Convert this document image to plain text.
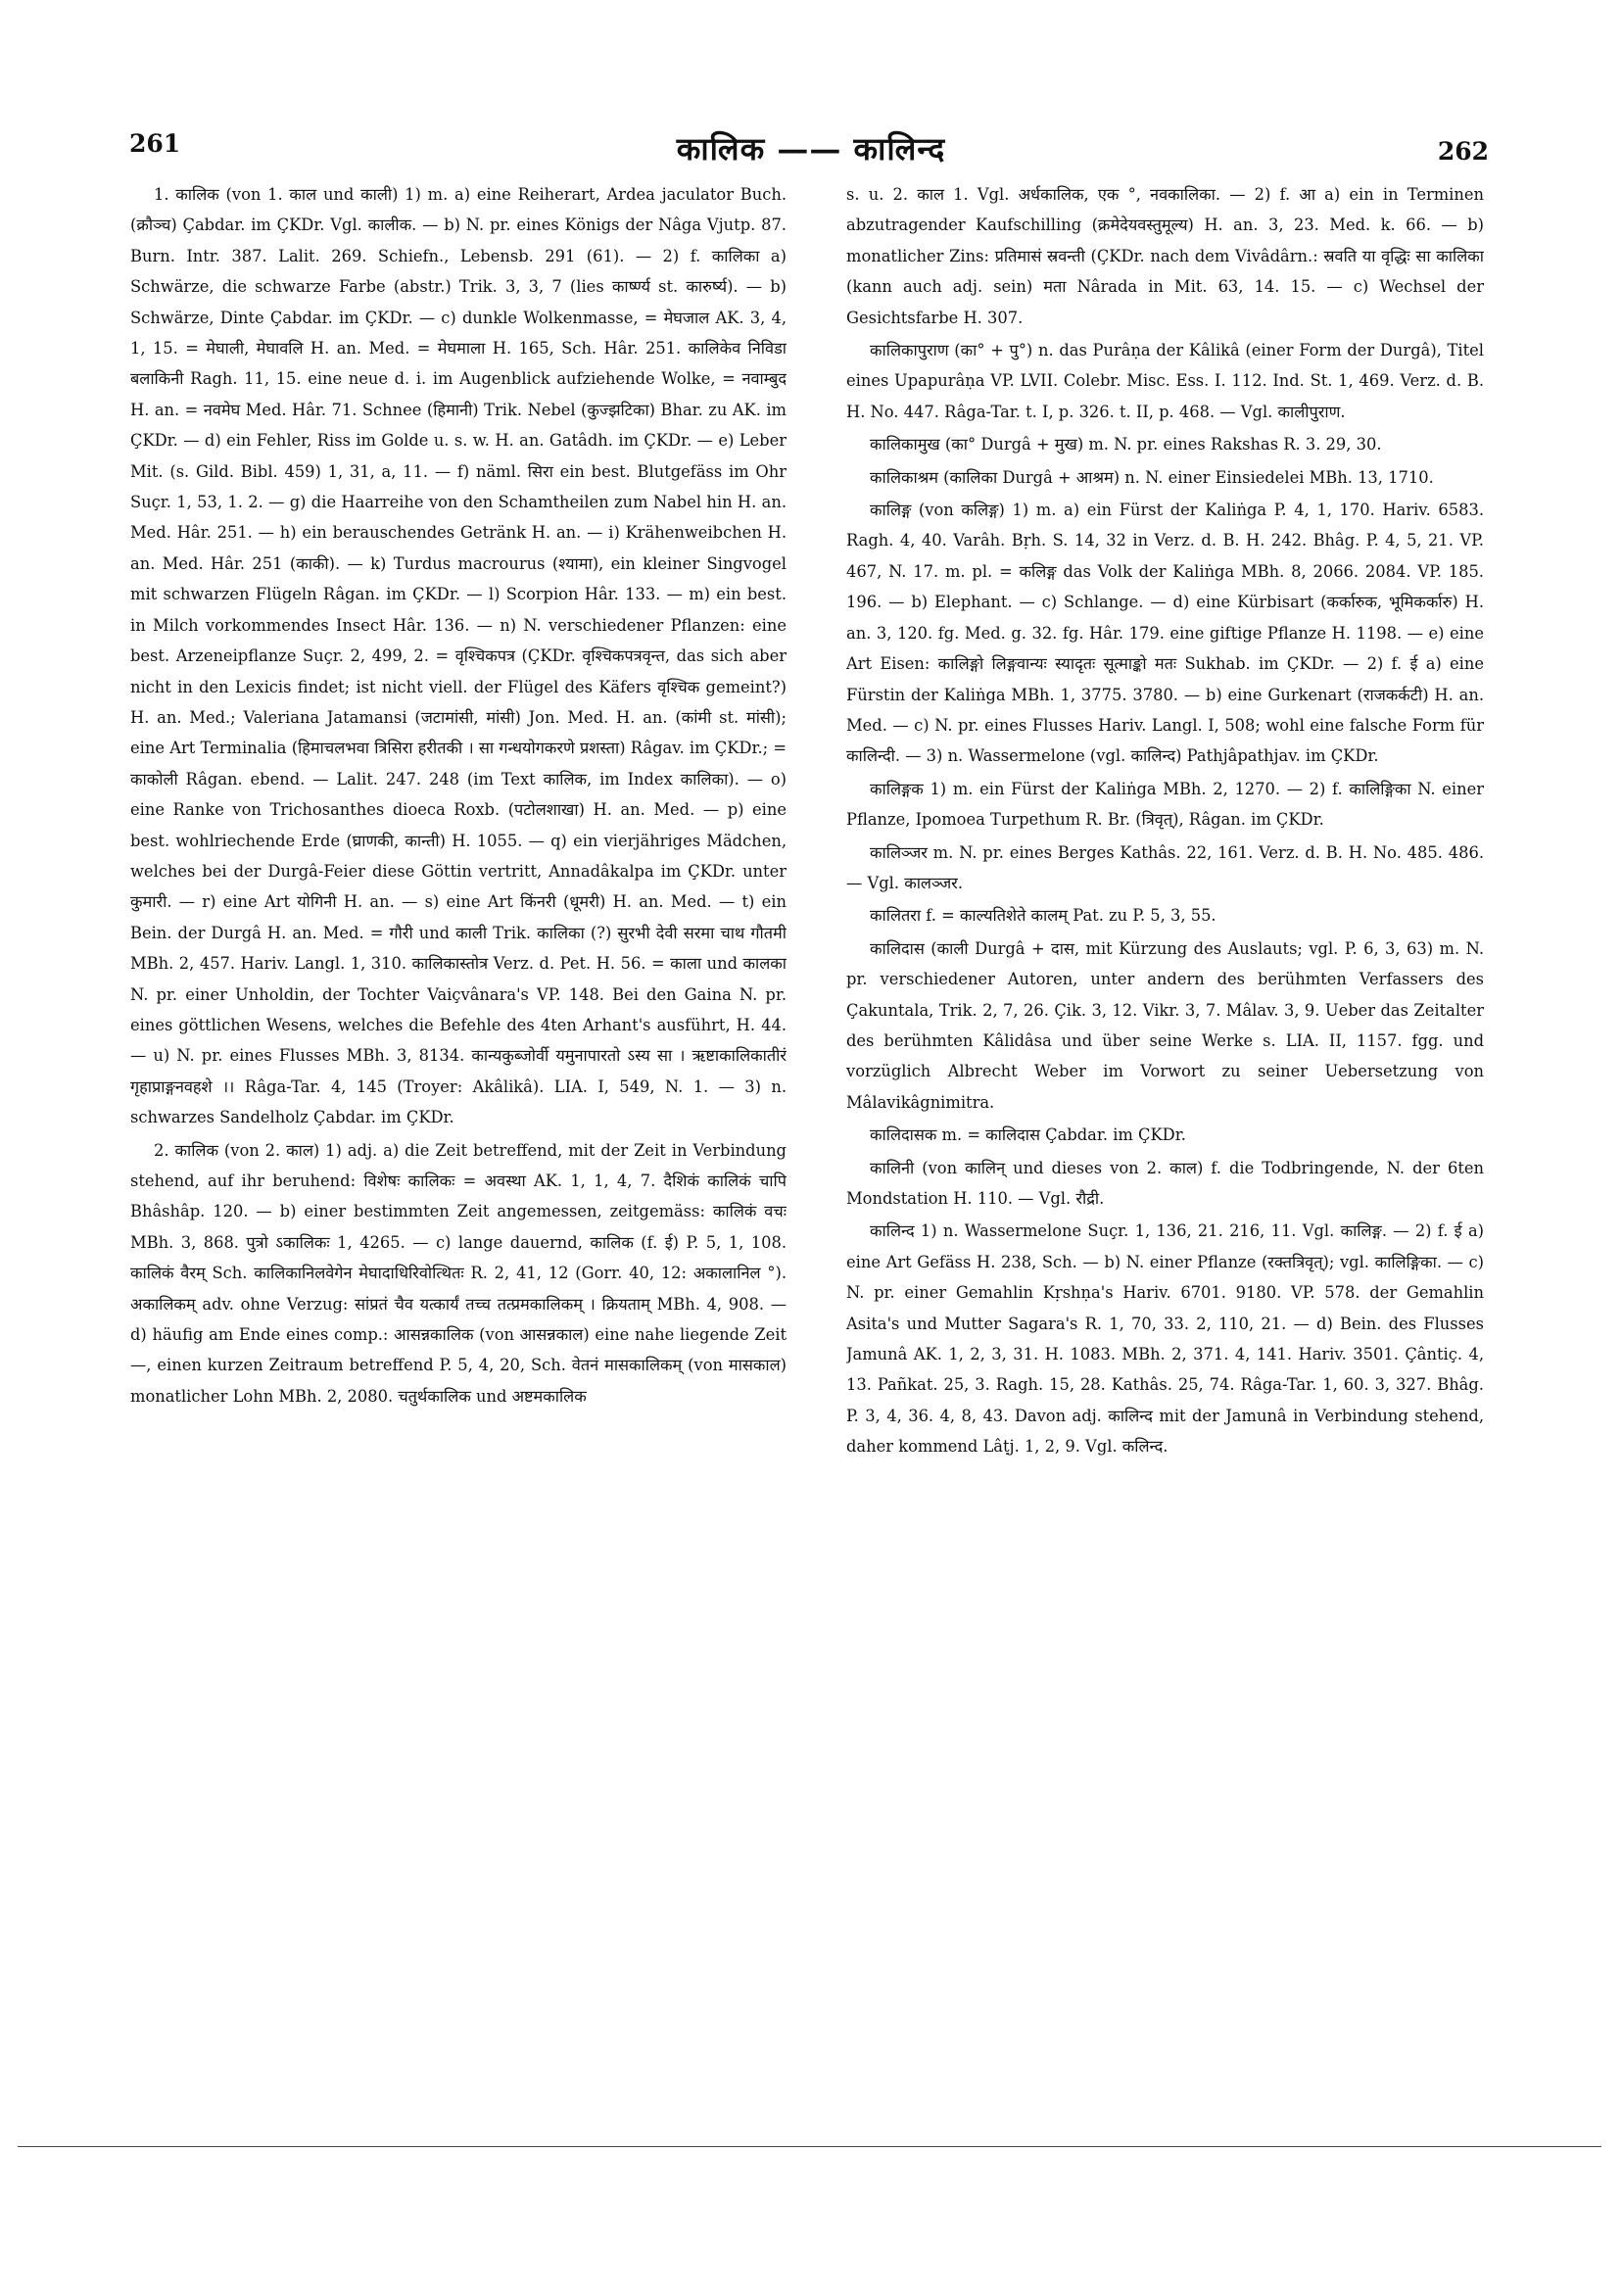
261	कालिक —— कालिन्द	262

1. कालिक (von 1. काल und काली) 1) m. a) eine Reiherart, Ardea jaculator Buch. (क्रौञ्च) Çabdar. im ÇKDr. Vgl. कालीक. — b) N. pr. eines Königs der Nâga Vjutp. 87. Burn. Intr. 387. Lalit. 269. Schiefn., Lebensb. 291 (61). — 2) f. कालिका a) Schwärze, die schwarze Farbe (abstr.) Trik. 3, 3, 7 (lies कार्ष्ण्य st. कारुर्ष्य). — b) Schwärze, Dinte Çabdar. im ÇKDr. — c) dunkle Wolkenmasse, = मेघजाल AK. 3, 4, 1, 15. = मेघाली, मेघावलि H. an. Med. = मेघमाला H. 165, Sch. Hâr. 251. कालिकेव निविडा बलाकिनी Ragh. 11, 15. eine neue d. i. im Augenblick aufziehende Wolke, = नवाम्बुद H. an. = नवमेघ Med. Hâr. 71. Schnee (हिमानी) Trik. Nebel (कुज्झटिका) Bhar. zu AK. im ÇKDr. — d) ein Fehler, Riss im Golde u. s. w. H. an. Gatâdh. im ÇKDr. — e) Leber Mit. (s. Gild. Bibl. 459) 1, 31, a, 11. — f) näml. सिरा ein best. Blutgefäss im Ohr Suçr. 1, 53, 1. 2. — g) die Haarreihe von den Schamtheilen zum Nabel hin H. an. Med. Hâr. 251. — h) ein berauschendes Getränk H. an. — i) Krähenweibchen H. an. Med. Hâr. 251 (काकी). — k) Turdus macrourus (श्यामा), ein kleiner Singvogel mit schwarzen Flügeln Râgan. im ÇKDr. — l) Scorpion Hâr. 133. — m) ein best. in Milch vorkommendes Insect Hâr. 136. — n) N. verschiedener Pflanzen: eine best. Arzeneipflanze Suçr. 2, 499, 2. = वृश्चिकपत्र (ÇKDr. वृश्चिकपत्रवृन्त, das sich aber nicht in den Lexicis findet; ist nicht viell. der Flügel des Käfers वृश्चिक gemeint?) H. an. Med.; Valeriana Jatamansi (जटामांसी, मांसी) Jon. Med. H. an. (कांमी st. मांसी); eine Art Terminalia (हिमाचलभवा त्रिसिरा हरीतकी । सा गन्धयोगकरणे प्रशस्ता) Râgav. im ÇKDr.; = काकोली Râgan. ebend. — Lalit. 247. 248 (im Text कालिक, im Index कालिका). — o) eine Ranke von Trichosanthes dioeca Roxb. (पटोलशाखा) H. an. Med. — p) eine best. wohlriechende Erde (घ्राणकी, कान्ती) H. 1055. — q) ein vierjähriges Mädchen, welches bei der Durgâ-Feier diese Göttin vertritt, Annadâkalpa im ÇKDr. unter कुमारी. — r) eine Art योगिनी H. an. — s) eine Art किंनरी (धूमरी) H. an. Med. — t) ein Bein. der Durgâ H. an. Med. = गौरी und काली Trik. कालिका (?) सुरभी देवी सरमा चाथ गौतमी MBh. 2, 457. Hariv. Langl. 1, 310. कालिकास्तोत्र Verz. d. Pet. H. 56. = काला und कालका N. pr. einer Unholdin, der Tochter Vaiçvânara's VP. 148. Bei den Gaina N. pr. eines göttlichen Wesens, welches die Befehle des 4ten Arhant's ausführt, H. 44. — u) N. pr. eines Flusses MBh. 3, 8134. कान्यकुब्जोर्वी यमुनापारतो ऽस्य सा । ऋष्टाकालिकातीरं गृहाप्राङ्गनवहशे ।। Râga-Tar. 4, 145 (Troyer: Akâlikâ). LIA. I, 549, N. 1. — 3) n. schwarzes Sandelholz Çabdar. im ÇKDr.

2. कालिक (von 2. काल) 1) adj. a) die Zeit betreffend, mit der Zeit in Verbindung stehend, auf ihr beruhend: विशेषः कालिकः = अवस्था AK. 1, 1, 4, 7. दैशिकं कालिकं चापि Bhâshâp. 120. — b) einer bestimmten Zeit angemessen, zeitgemäss: कालिकं वचः MBh. 3, 868. पुत्रो ऽकालिकः 1, 4265. — c) lange dauernd, कालिक (f. ई) P. 5, 1, 108. कालिकं वैरम् Sch. कालिकानिलवेगेन मेघादाधिरिवोत्थितः R. 2, 41, 12 (Gorr. 40, 12: अकालानिल °). अकालिकम् adv. ohne Verzug: सांप्रतं चैव यत्कार्यं तच्च तत्प्रमकालिकम् । क्रियताम् MBh. 4, 908. — d) häufig am Ende eines comp.: आसन्नकालिक (von आसन्नकाल) eine nahe liegende Zeit —, einen kurzen Zeitraum betreffend P. 5, 4, 20, Sch. वेतनं मासकालिकम् (von मासकाल) monatlicher Lohn MBh. 2, 2080. चतुर्थकालिक und अष्टमकालिक

s. u. 2. काल 1. Vgl. अर्धकालिक, एक °, नवकालिका. — 2) f. आ a) ein in Terminen abzutragender Kaufschilling (क्रमेदेयवस्तुमूल्य) H. an. 3, 23. Med. k. 66. — b) monatlicher Zins: प्रतिमासं स्रवन्ती (ÇKDr. nach dem Vivâdârn.: स्रवति या वृद्धिः सा कालिका (kann auch adj. sein) मता Nârada in Mit. 63, 14. 15. — c) Wechsel der Gesichtsfarbe H. 307.

कालिकापुराण (का° + पु°) n. das Purâṇa der Kâlikâ (einer Form der Durgâ), Titel eines Upapurâṇa VP. LVII. Colebr. Misc. Ess. I. 112. Ind. St. 1, 469. Verz. d. B. H. No. 447. Râga-Tar. t. I, p. 326. t. II, p. 468. — Vgl. कालीपुराण.

कालिकामुख (का° Durgâ + मुख) m. N. pr. eines Rakshas R. 3. 29, 30.

कालिकाश्रम (कालिका Durgâ + आश्रम) n. N. einer Einsiedelei MBh. 13, 1710.

कालिङ्ग (von कलिङ्ग) 1) m. a) ein Fürst der Kaliṅga P. 4, 1, 170. Hariv. 6583. Ragh. 4, 40. Varâh. Bṛh. S. 14, 32 in Verz. d. B. H. 242. Bhâg. P. 4, 5, 21. VP. 467, N. 17. m. pl. = कलिङ्ग das Volk der Kaliṅga MBh. 8, 2066. 2084. VP. 185. 196. — b) Elephant. — c) Schlange. — d) eine Kürbisart (कर्कारुक, भूमिकर्कारु) H. an. 3, 120. fg. Med. g. 32. fg. Hâr. 179. eine giftige Pflanze H. 1198. — e) eine Art Eisen: कालिङ्गो लिङ्गवान्यः स्यादृतः सूत्माङ्को मतः Sukhab. im ÇKDr. — 2) f. ई a) eine Fürstin der Kaliṅga MBh. 1, 3775. 3780. — b) eine Gurkenart (राजकर्कटी) H. an. Med. — c) N. pr. eines Flusses Hariv. Langl. I, 508; wohl eine falsche Form für कालिन्दी. — 3) n. Wassermelone (vgl. कालिन्द) Pathjâpathjav. im ÇKDr.

कालिङ्गक 1) m. ein Fürst der Kaliṅga MBh. 2, 1270. — 2) f. कालिङ्गिका N. einer Pflanze, Ipomoea Turpethum R. Br. (त्रिवृत्), Râgan. im ÇKDr.

कालिञ्जर m. N. pr. eines Berges Kathâs. 22, 161. Verz. d. B. H. No. 485. 486. — Vgl. कालञ्जर.

कालितरा f. = काल्यतिशेते कालम् Pat. zu P. 5, 3, 55.

कालिदास (काली Durgâ + दास, mit Kürzung des Auslauts; vgl. P. 6, 3, 63) m. N. pr. verschiedener Autoren, unter andern des berühmten Verfassers des Çakuntala, Trik. 2, 7, 26. Çik. 3, 12. Vikr. 3, 7. Mâlav. 3, 9. Ueber das Zeitalter des berühmten Kâlidâsa und über seine Werke s. LIA. II, 1157. fgg. und vorzüglich Albrecht Weber im Vorwort zu seiner Uebersetzung von Mâlavikâgnimitra.

कालिदासक m. = कालिदास Çabdar. im ÇKDr.

कालिनी (von कालिन् und dieses von 2. काल) f. die Todbringende, N. der 6ten Mondstation H. 110. — Vgl. रौद्री.

कालिन्द 1) n. Wassermelone Suçr. 1, 136, 21. 216, 11. Vgl. कालिङ्ग. — 2) f. ई a) eine Art Gefäss H. 238, Sch. — b) N. einer Pflanze (रक्तत्रिवृत्); vgl. कालिङ्गिका. — c) N. pr. einer Gemahlin Kṛshṇa's Hariv. 6701. 9180. VP. 578. der Gemahlin Asita's und Mutter Sagara's R. 1, 70, 33. 2, 110, 21. — d) Bein. des Flusses Jamunâ AK. 1, 2, 3, 31. H. 1083. MBh. 2, 371. 4, 141. Hariv. 3501. Çântiç. 4, 13. Pañkat. 25, 3. Ragh. 15, 28. Kathâs. 25, 74. Râga-Tar. 1, 60. 3, 327. Bhâg. P. 3, 4, 36. 4, 8, 43. Davon adj. कालिन्द mit der Jamunâ in Verbindung stehend, daher kommend Lâṭj. 1, 2, 9. Vgl. कलिन्द.
